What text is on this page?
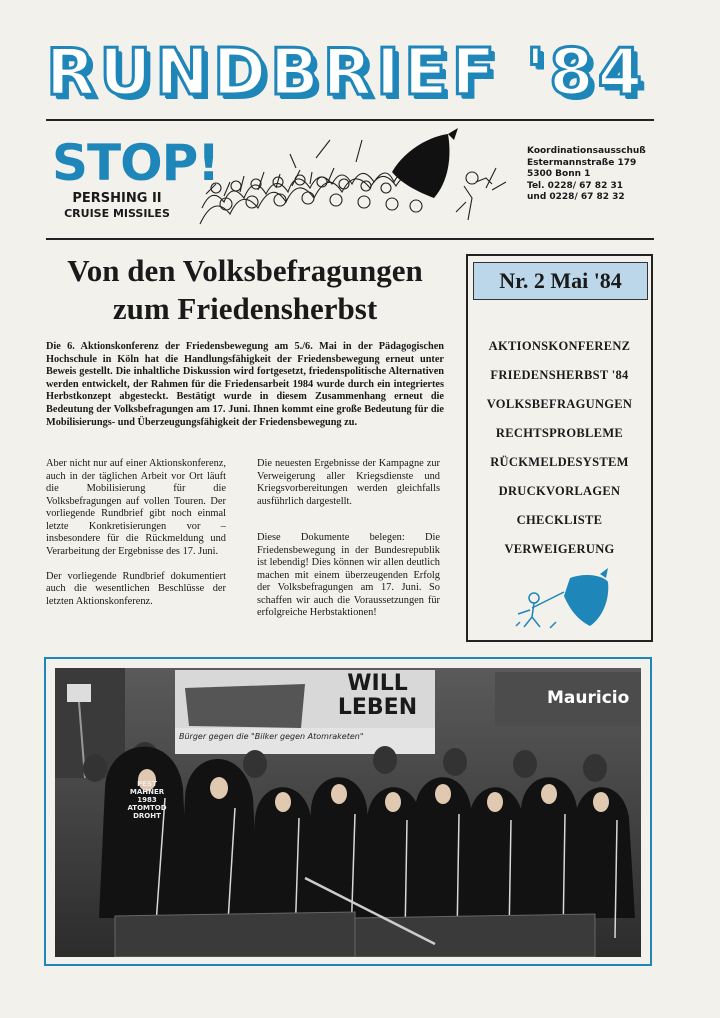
RUNDBRIEF '84
STOP!
PERSHING II
CRUISE MISSILES
Koordinationsausschuß
Estermannstraße 179
5300 Bonn 1
Tel. 0228/ 67 82 31
und 0228/ 67 82 32
Von den Volksbefragungen
zum Friedensherbst
Die 6. Aktionskonferenz der Friedensbewegung am 5./6. Mai in der Pädagogischen Hochschule in Köln hat die Handlungsfähigkeit der Friedensbewegung erneut unter Beweis gestellt. Die inhaltliche Diskussion wird fortgesetzt, friedenspolitische Alternativen werden entwickelt, der Rahmen für die Friedensarbeit 1984 wurde durch ein integriertes Herbstkonzept abgesteckt. Bestätigt wurde in diesem Zusammenhang erneut die Bedeutung der Volksbefragungen am 17. Juni. Ihnen kommt eine große Bedeutung für die Mobilisierungs- und Überzeugungsfähigkeit der Friedensbewegung zu.

Aber nicht nur auf einer Aktionskonferenz, auch in der täglichen Arbeit vor Ort läuft die Mobilisierung für die Volksbefragungen auf vollen Touren. Der vorliegende Rundbrief gibt noch einmal letzte Konkretisierungen vor – insbesondere für die Rückmeldung und Verarbeitung der Ergebnisse des 17. Juni.

Der vorliegende Rundbrief dokumentiert auch die wesentlichen Beschlüsse der letzten Aktionskonferenz.

Die neuesten Ergebnisse der Kampagne zur Verweigerung aller Kriegsdienste und Kriegsvorbereitungen werden gleichfalls ausführlich dargestellt.

Diese Dokumente belegen: Die Friedensbewegung in der Bundesrepublik ist lebendig! Dies können wir allen deutlich machen mit einem überzeugenden Erfolg der Volksbefragungen am 17. Juni. So schaffen wir auch die Voraussetzungen für erfolgreiche Herbstaktionen!

Nr. 2 Mai '84
AKTIONSKONFERENZ
FRIEDENSHERBST '84
VOLKSBEFRAGUNGEN
RECHTSPROBLEME
RÜCKMELDESYSTEM
DRUCKVORLAGEN
CHECKLISTE
VERWEIGERUNG
WILL LEBEN
Bürger gegen die "Bilker gegen Atomraketen"
Mauricio
PEST MAHNER 1983 ATOMTOD DROHT
